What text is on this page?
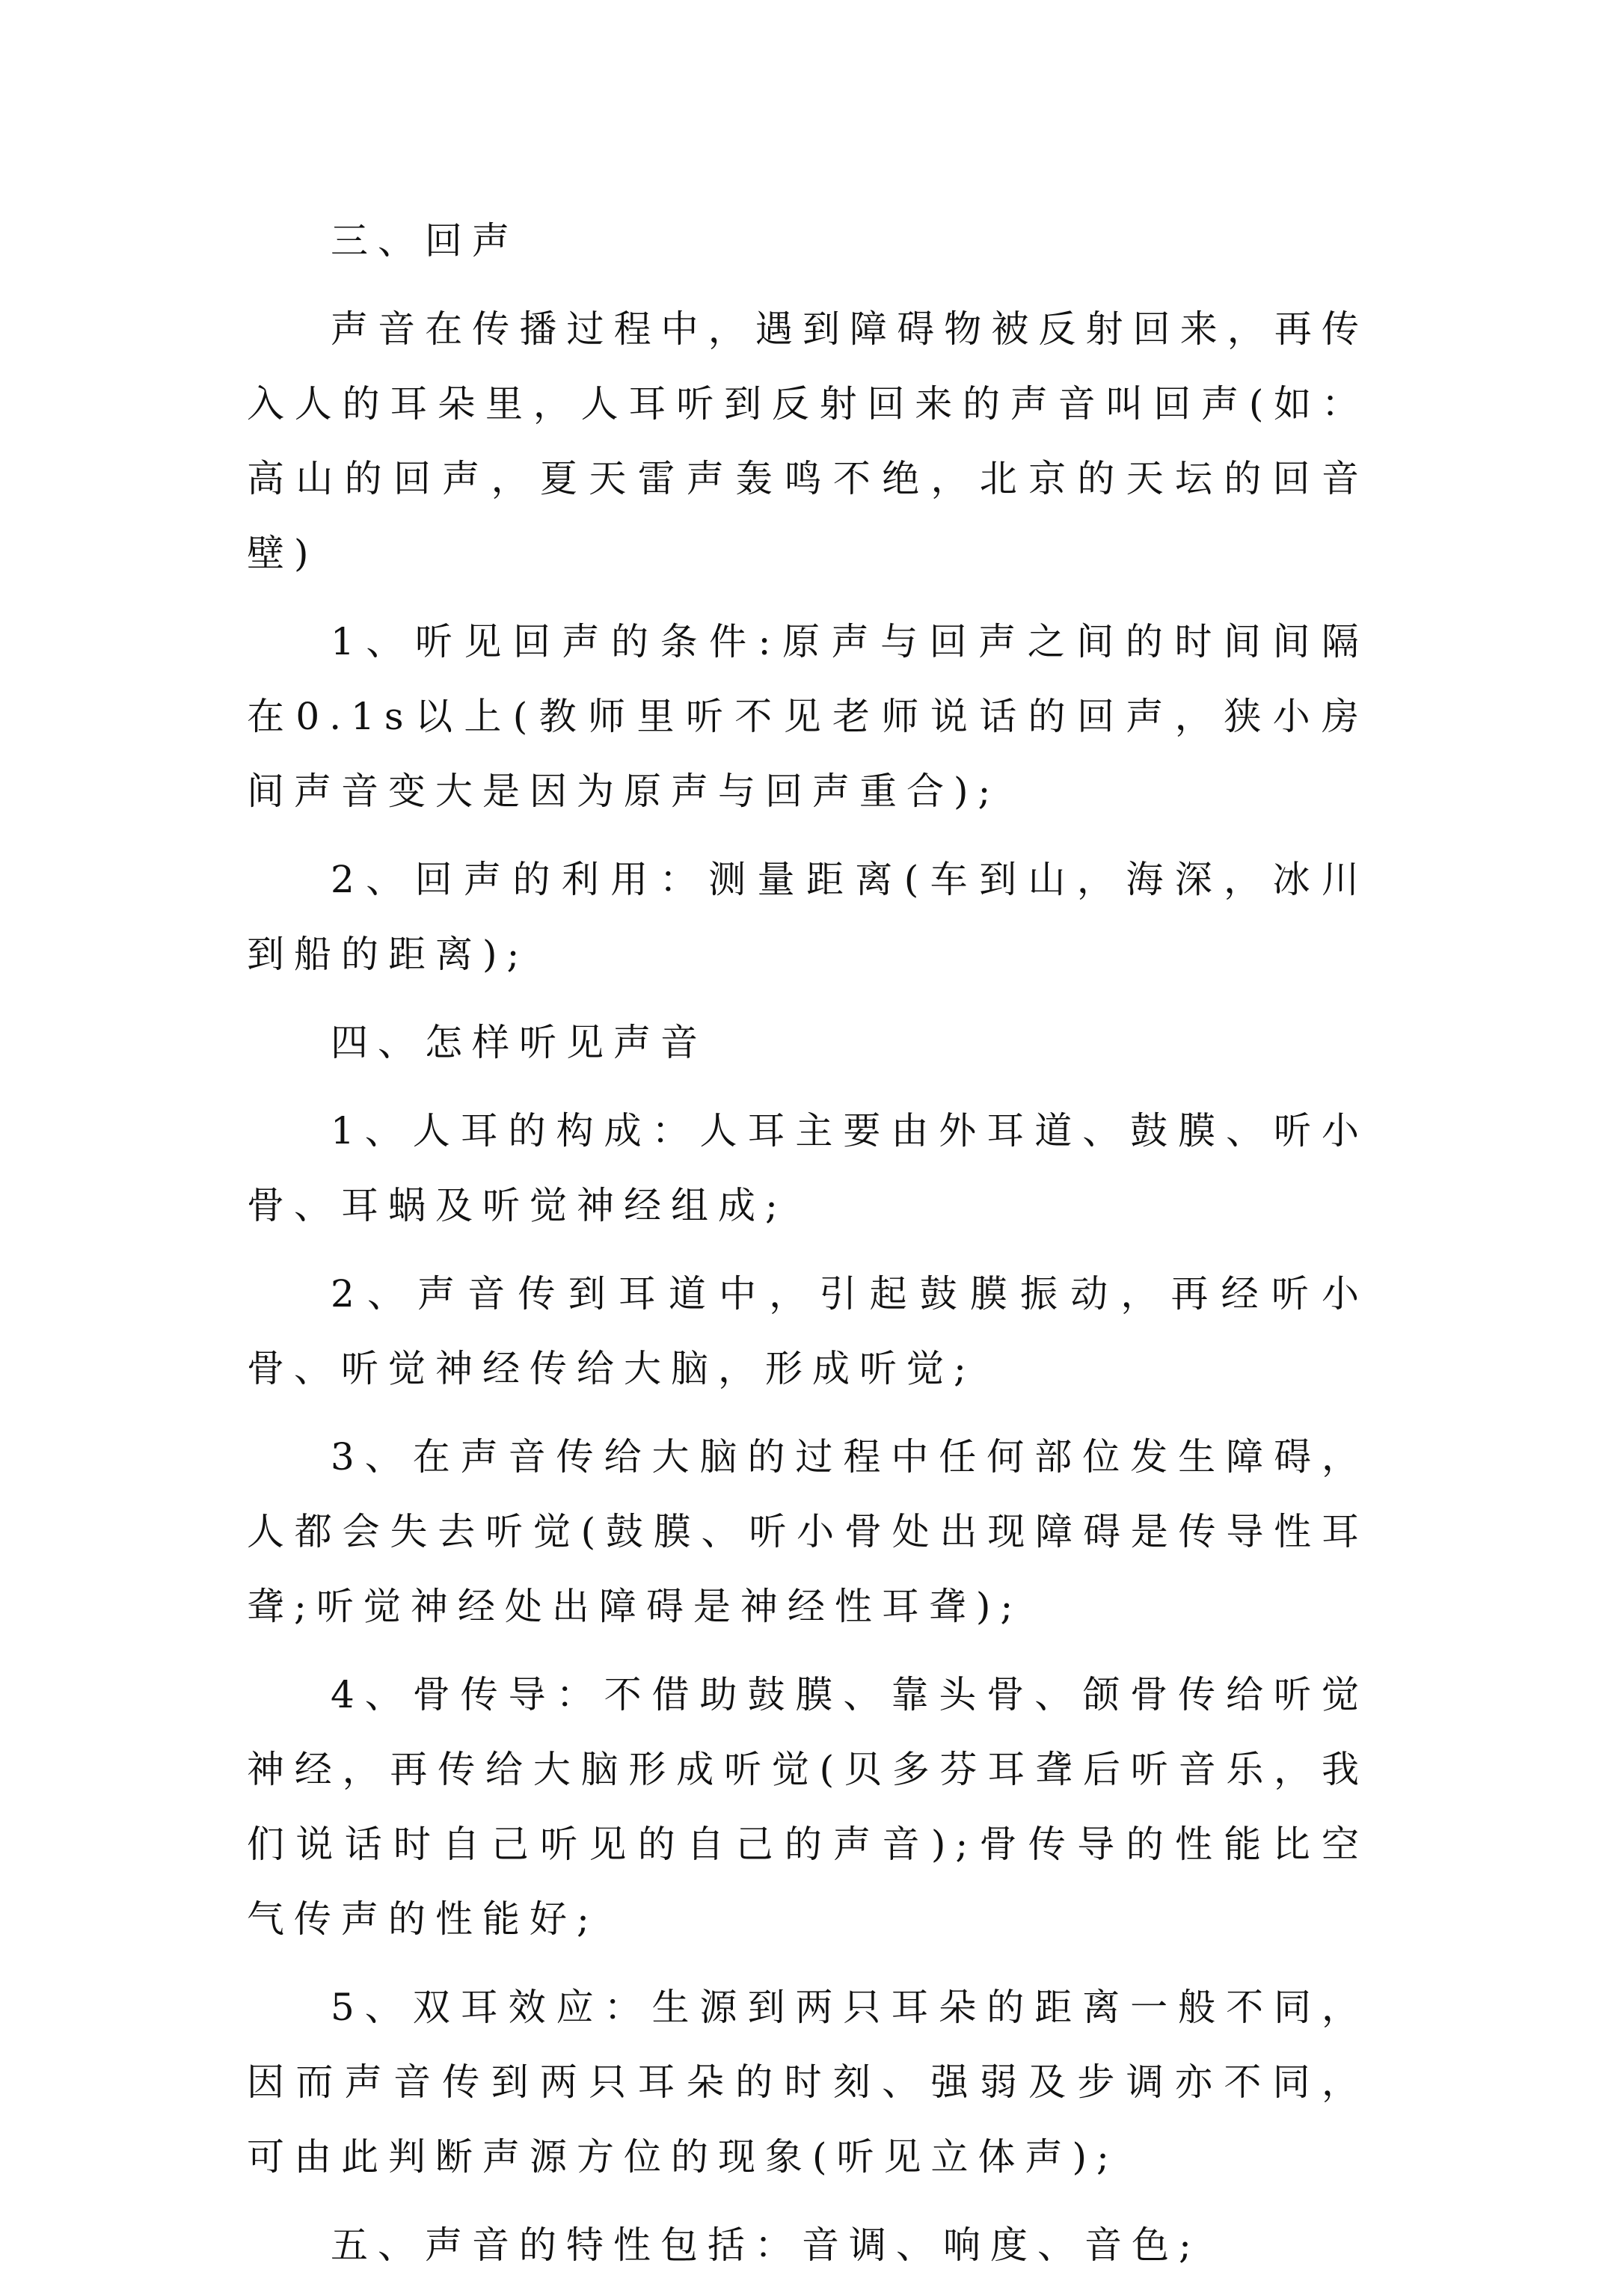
三、回声

声音在传播过程中，遇到障碍物被反射回来，再传入人的耳朵里，人耳听到反射回来的声音叫回声(如：高山的回声，夏天雷声轰鸣不绝，北京的天坛的回音壁)

1、听见回声的条件:原声与回声之间的时间间隔在0.1s以上(教师里听不见老师说话的回声，狭小房间声音变大是因为原声与回声重合);

2、回声的利用：测量距离(车到山，海深，冰川到船的距离);

四、怎样听见声音

1、人耳的构成：人耳主要由外耳道、鼓膜、听小骨、耳蜗及听觉神经组成;

2、声音传到耳道中，引起鼓膜振动，再经听小骨、听觉神经传给大脑，形成听觉;

3、在声音传给大脑的过程中任何部位发生障碍，人都会失去听觉(鼓膜、听小骨处出现障碍是传导性耳聋;听觉神经处出障碍是神经性耳聋);

4、骨传导：不借助鼓膜、靠头骨、颌骨传给听觉神经，再传给大脑形成听觉(贝多芬耳聋后听音乐，我们说话时自己听见的自己的声音);骨传导的性能比空气传声的性能好;

5、双耳效应：生源到两只耳朵的距离一般不同，因而声音传到两只耳朵的时刻、强弱及步调亦不同，可由此判断声源方位的现象(听见立体声);

五、声音的特性包括：音调、响度、音色;
